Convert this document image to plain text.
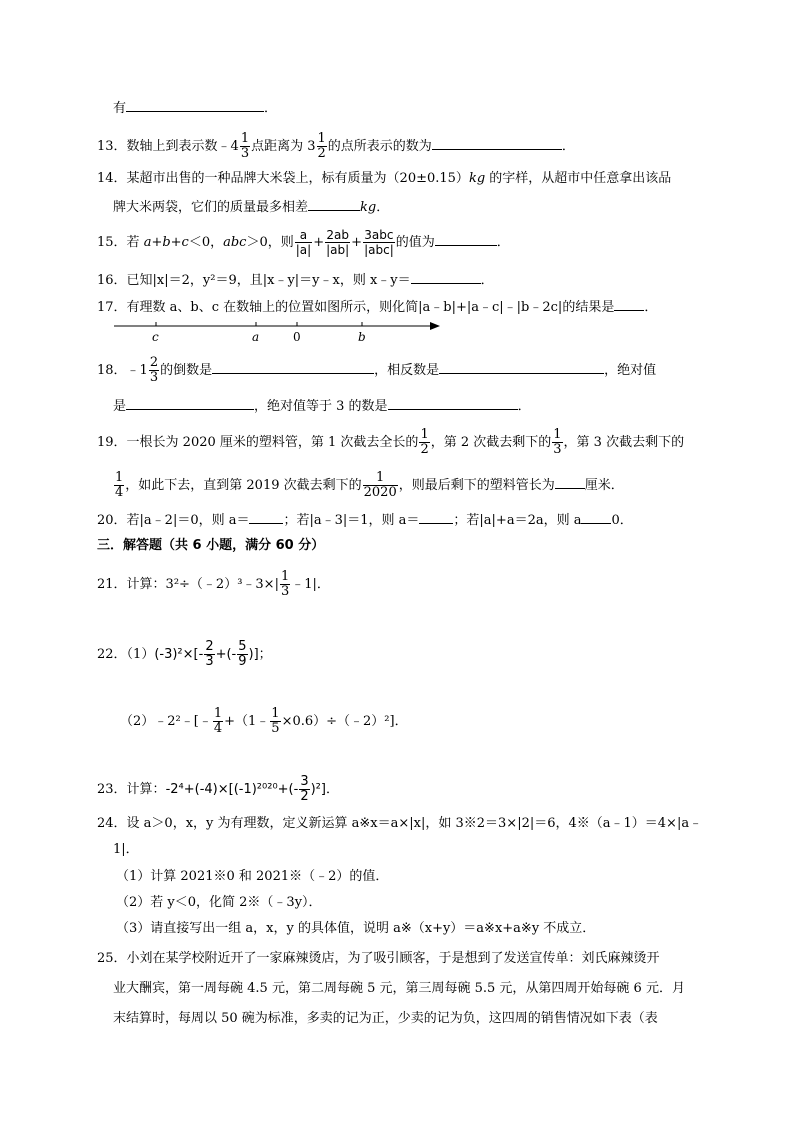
有	．
13．数轴上到表示数﹣4 $\frac{1}{3}$ 点距离为 $3 \frac{1}{2}$ 的点所表示的数为	．
14．某超市出售的一种品牌大米袋上，标有质量为（20±0.15）kg 的字样，从超市中任意拿出该品
牌大米两袋，它们的质量最多相差	kg．
15．若 a+b+c＜0，abc＞0，则 $\frac{a}{|a|} + \frac{2ab}{|ab|} + \frac{\text{3abc}}{\text{|abc|}}$ 的值为	．
16．已知|x|＝2，y²＝9，且|x﹣y|＝y﹣x，则 x﹣y＝	．
17．有理数 a、b、c 在数轴上的位置如图所示，则化简|a﹣b|+|a﹣c|﹣|b﹣2c|的结果是 ．
c	a	0	b
18．﹣1 $\frac{2}{3}$ 的倒数是	，相反数是	，绝对值
是	，绝对值等于 3 的数是	．
19．一根长为 2020 厘米的塑料管，第 1 次截去全长的 $\frac{1}{2}$ ，第 2 次截去剩下的 $\frac{1}{3}$ ，第 3 次截去剩下的
$\frac{1}{4}$ ，如此下去，直到第 2019 次截去剩下的 $\frac{1}{2020}$ ，则最后剩下的塑料管长为 厘米．
20．若|a﹣2|＝0，则 a＝	；若|a﹣3|＝1，则 a＝	；若|a|+a＝2a，则 a 0．
三．解答题（共 6 小题，满分 60 分）
21．计算：3²÷（﹣2）³﹣3×| $\frac{1}{3}$ ﹣1|．
22．$(1)(-3)^2\times[- \frac{2}{3}$ +(- $\frac{5}{9}$ )]；
（2）﹣2²﹣[﹣ $\frac{1}{4}$ +（1﹣ $\frac{1}{5}$ ×0.6）÷（﹣2）²]．
23．计算：$-2^4+(-4)\times[(-1)^{2020}+(- \frac{3}{2} )^2]$．
24．设 a＞0，x，y 为有理数，定义新运算 a※x＝a×|x|，如 3※2＝3×|2|＝6，4※（a﹣1）＝4×|a﹣
1|．
（1）计算 2021※0 和 2021※（﹣2）的值．
（2）若 y＜0，化简 2※（﹣3y）．
（3）请直接写出一组 a，x，y 的具体值，说明 a※（x+y）＝a※x+a※y 不成立．
25．小刘在某学校附近开了一家麻辣烫店，为了吸引顾客，于是想到了发送宣传单：刘氏麻辣烫开
业大酬宾，第一周每碗 4.5 元，第二周每碗 5 元，第三周每碗 5.5 元，从第四周开始每碗 6 元．月
末结算时，每周以 50 碗为标准，多卖的记为正，少卖的记为负，这四周的销售情况如下表（表
